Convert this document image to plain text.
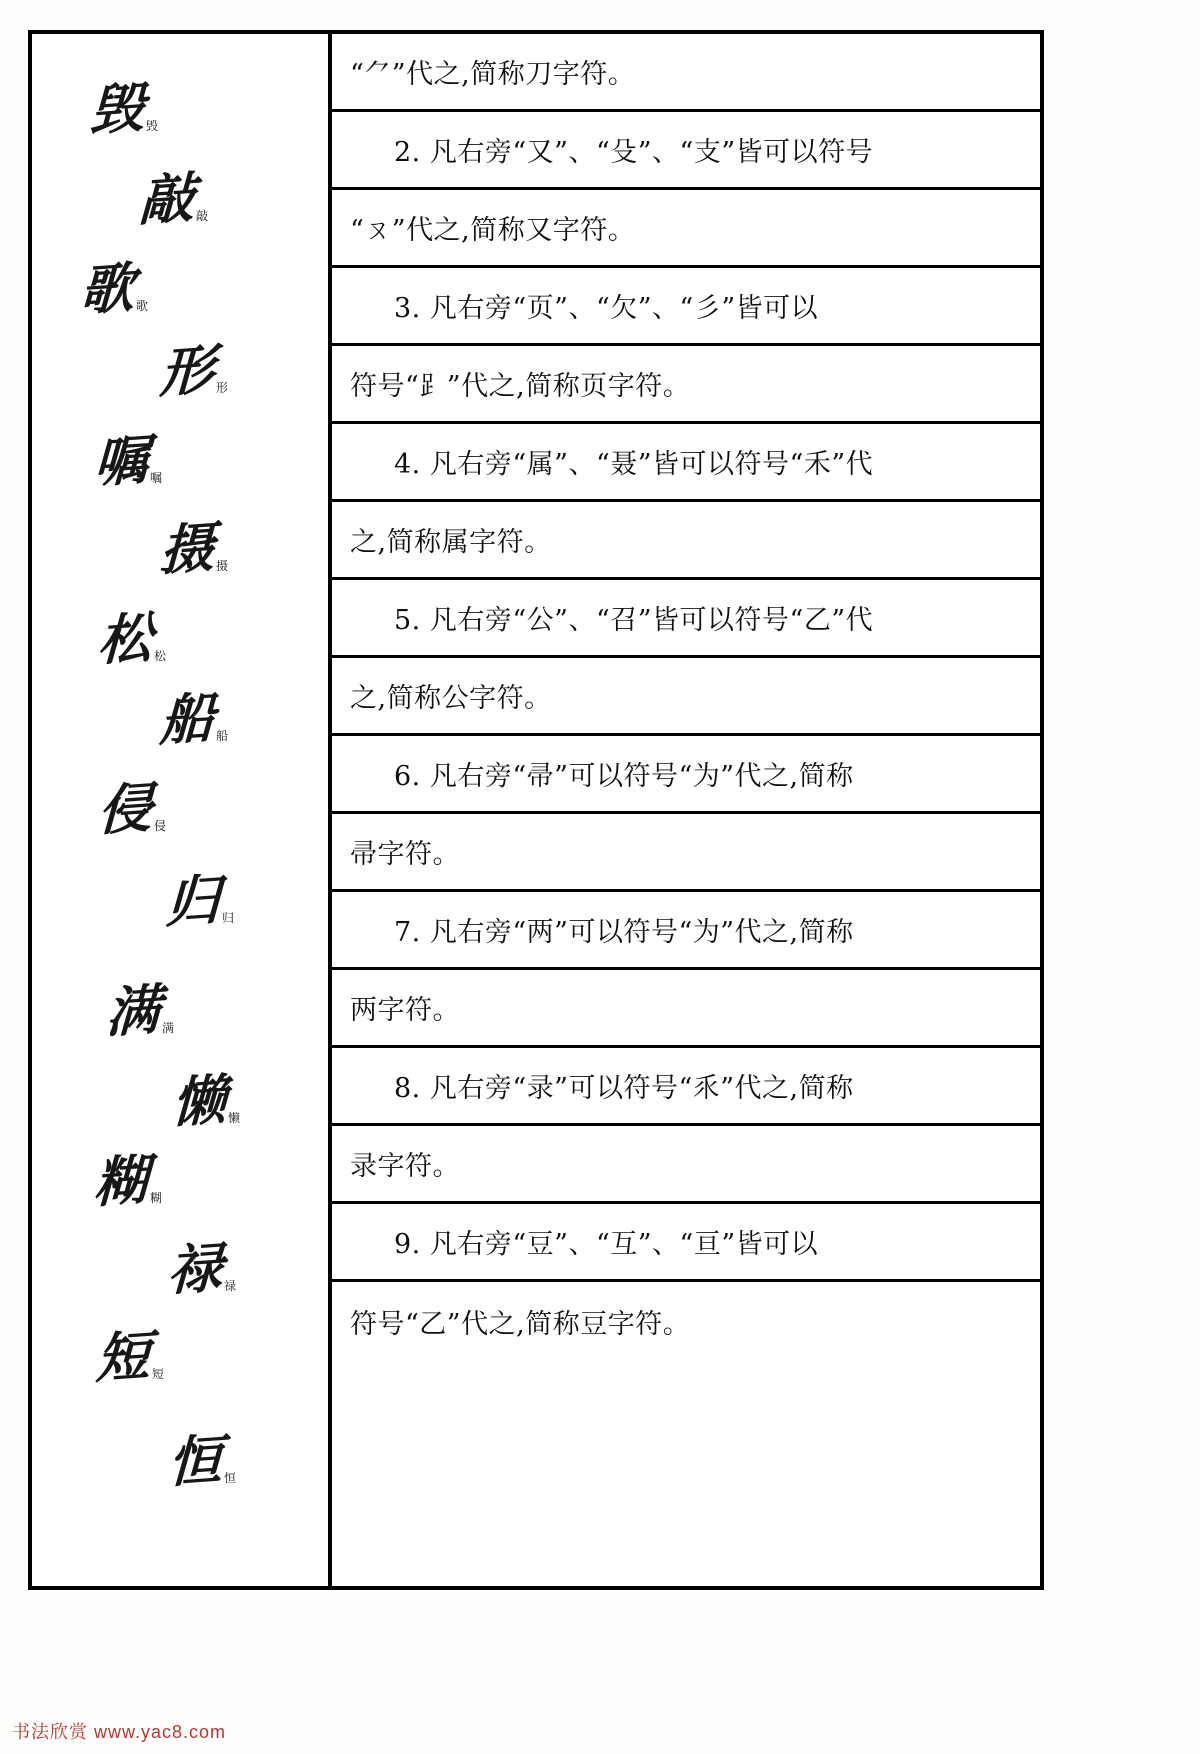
毁 毁
敲 敲
歌 歌
形 形
嘱 嘱
摄 摄
松 松
船 船
侵 侵
归 归
满 满
懒 懒
糊 糊
禄 禄
短 短
恒 恒
“⺈”代之,简称刀字符。
2. 凡右旁“又”、“殳”、“支”皆可以符号
“ㄡ”代之,简称又字符。
3. 凡右旁“页”、“欠”、“彡”皆可以
符号“⻊”代之,简称页字符。
4. 凡右旁“属”、“聂”皆可以符号“禾”代
之,简称属字符。
5. 凡右旁“公”、“召”皆可以符号“乙”代
之,简称公字符。
6. 凡右旁“帚”可以符号“为”代之,简称
帚字符。
7. 凡右旁“两”可以符号“为”代之,简称
两字符。
8. 凡右旁“录”可以符号“乑”代之,简称
录字符。
9. 凡右旁“豆”、“互”、“亘”皆可以
符号“乙”代之,简称豆字符。
书法欣赏 www.yac8.com
